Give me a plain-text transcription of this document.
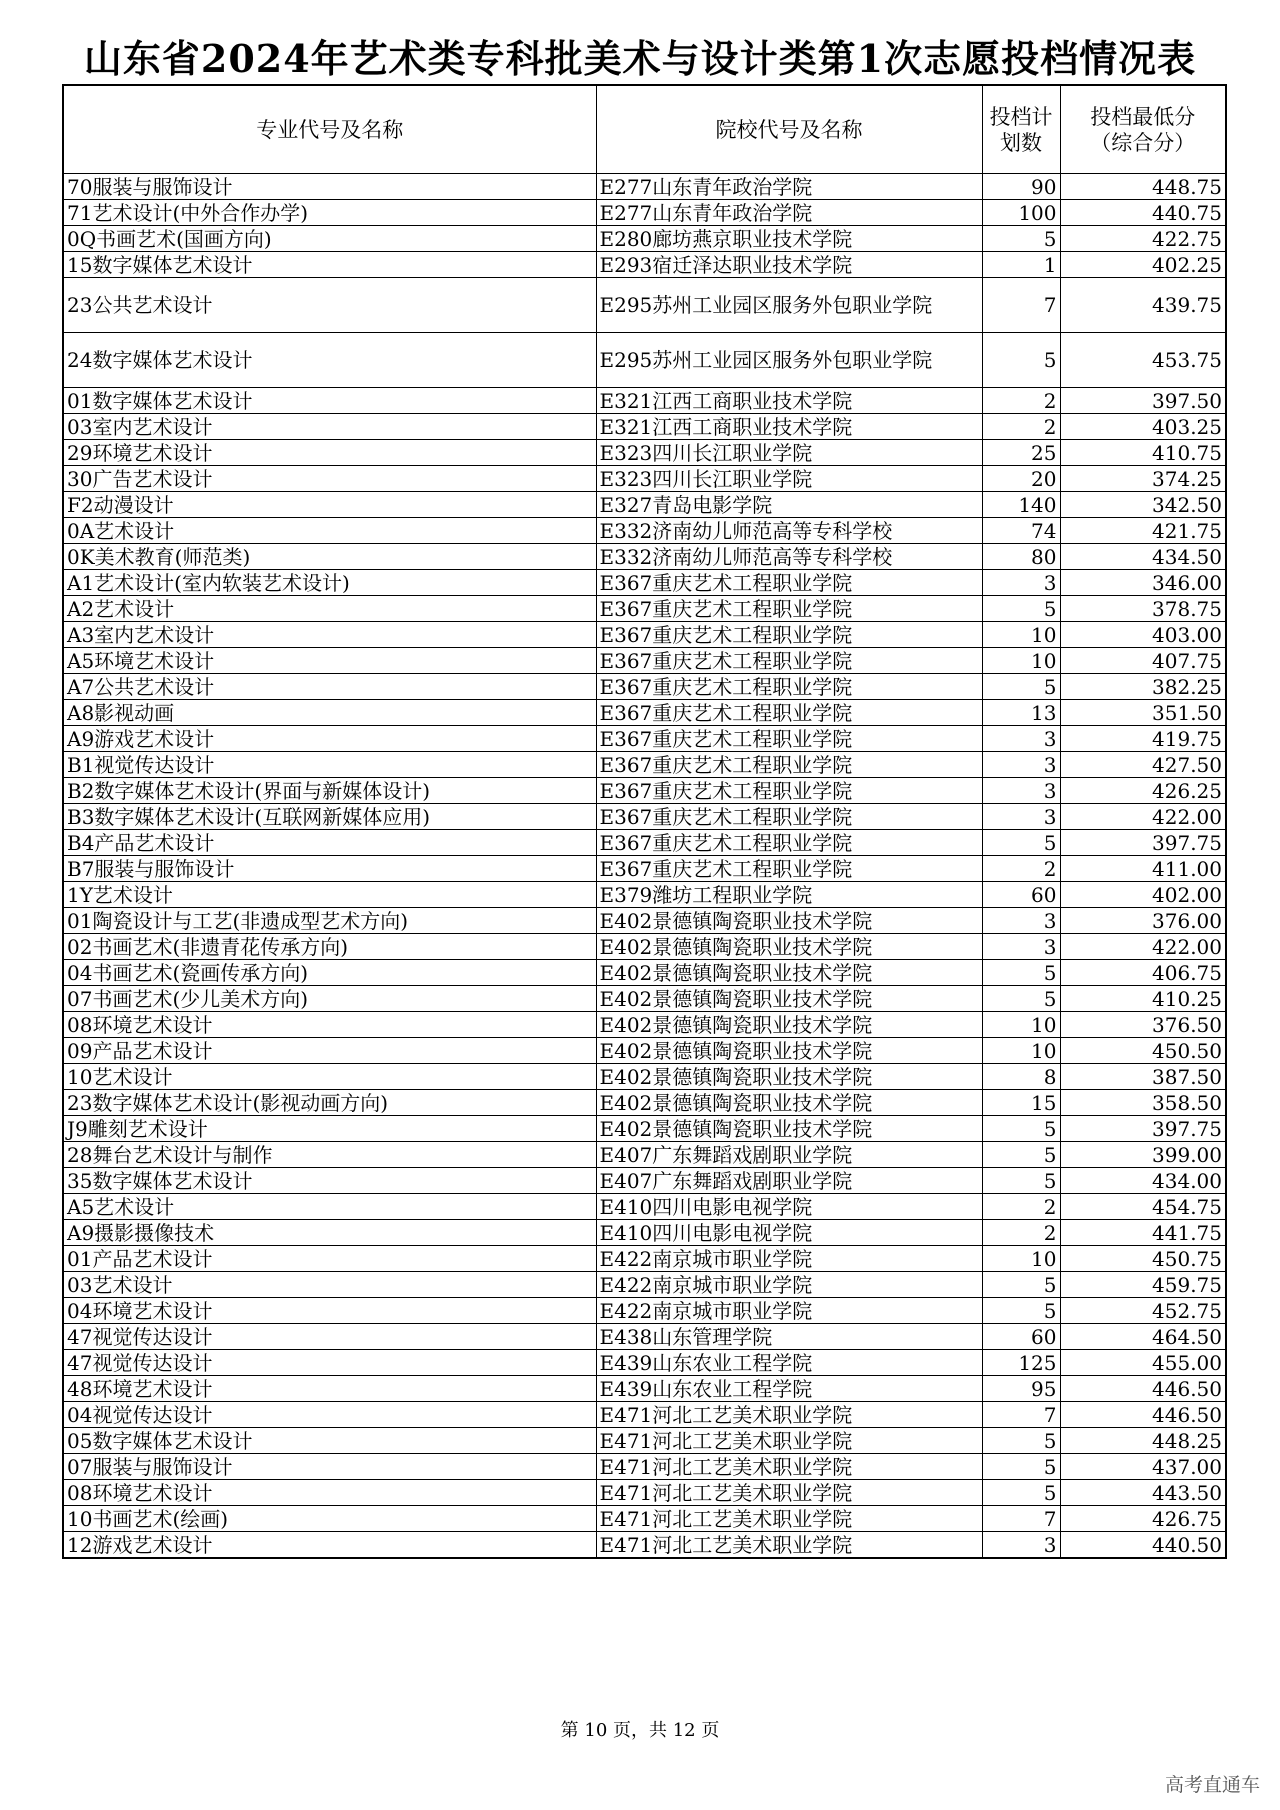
山东省2024年艺术类专科批美术与设计类第1次志愿投档情况表
专业代号及名称	院校代号及名称	投档计划数	投档最低分
（综合分）

70服装与服饰设计	E277山东青年政治学院	90	448.75
71艺术设计(中外合作办学)	E277山东青年政治学院	100	440.75
0Q书画艺术(国画方向)	E280廊坊燕京职业技术学院	5	422.75
15数字媒体艺术设计	E293宿迁泽达职业技术学院	1	402.25
23公共艺术设计	E295苏州工业园区服务外包职业学院	7	439.75
24数字媒体艺术设计	E295苏州工业园区服务外包职业学院	5	453.75
01数字媒体艺术设计	E321江西工商职业技术学院	2	397.50
03室内艺术设计	E321江西工商职业技术学院	2	403.25
29环境艺术设计	E323四川长江职业学院	25	410.75
30广告艺术设计	E323四川长江职业学院	20	374.25
F2动漫设计	E327青岛电影学院	140	342.50
0A艺术设计	E332济南幼儿师范高等专科学校	74	421.75
0K美术教育(师范类)	E332济南幼儿师范高等专科学校	80	434.50
A1艺术设计(室内软装艺术设计)	E367重庆艺术工程职业学院	3	346.00
A2艺术设计	E367重庆艺术工程职业学院	5	378.75
A3室内艺术设计	E367重庆艺术工程职业学院	10	403.00
A5环境艺术设计	E367重庆艺术工程职业学院	10	407.75
A7公共艺术设计	E367重庆艺术工程职业学院	5	382.25
A8影视动画	E367重庆艺术工程职业学院	13	351.50
A9游戏艺术设计	E367重庆艺术工程职业学院	3	419.75
B1视觉传达设计	E367重庆艺术工程职业学院	3	427.50
B2数字媒体艺术设计(界面与新媒体设计)	E367重庆艺术工程职业学院	3	426.25
B3数字媒体艺术设计(互联网新媒体应用)	E367重庆艺术工程职业学院	3	422.00
B4产品艺术设计	E367重庆艺术工程职业学院	5	397.75
B7服装与服饰设计	E367重庆艺术工程职业学院	2	411.00
1Y艺术设计	E379潍坊工程职业学院	60	402.00
01陶瓷设计与工艺(非遗成型艺术方向)	E402景德镇陶瓷职业技术学院	3	376.00
02书画艺术(非遗青花传承方向)	E402景德镇陶瓷职业技术学院	3	422.00
04书画艺术(瓷画传承方向)	E402景德镇陶瓷职业技术学院	5	406.75
07书画艺术(少儿美术方向)	E402景德镇陶瓷职业技术学院	5	410.25
08环境艺术设计	E402景德镇陶瓷职业技术学院	10	376.50
09产品艺术设计	E402景德镇陶瓷职业技术学院	10	450.50
10艺术设计	E402景德镇陶瓷职业技术学院	8	387.50
23数字媒体艺术设计(影视动画方向)	E402景德镇陶瓷职业技术学院	15	358.50
J9雕刻艺术设计	E402景德镇陶瓷职业技术学院	5	397.75
28舞台艺术设计与制作	E407广东舞蹈戏剧职业学院	5	399.00
35数字媒体艺术设计	E407广东舞蹈戏剧职业学院	5	434.00
A5艺术设计	E410四川电影电视学院	2	454.75
A9摄影摄像技术	E410四川电影电视学院	2	441.75
01产品艺术设计	E422南京城市职业学院	10	450.75
03艺术设计	E422南京城市职业学院	5	459.75
04环境艺术设计	E422南京城市职业学院	5	452.75
47视觉传达设计	E438山东管理学院	60	464.50
47视觉传达设计	E439山东农业工程学院	125	455.00
48环境艺术设计	E439山东农业工程学院	95	446.50
04视觉传达设计	E471河北工艺美术职业学院	7	446.50
05数字媒体艺术设计	E471河北工艺美术职业学院	5	448.25
07服装与服饰设计	E471河北工艺美术职业学院	5	437.00
08环境艺术设计	E471河北工艺美术职业学院	5	443.50
10书画艺术(绘画)	E471河北工艺美术职业学院	7	426.75
12游戏艺术设计	E471河北工艺美术职业学院	3	440.50
第 10 页，共 12 页
高考直通车
